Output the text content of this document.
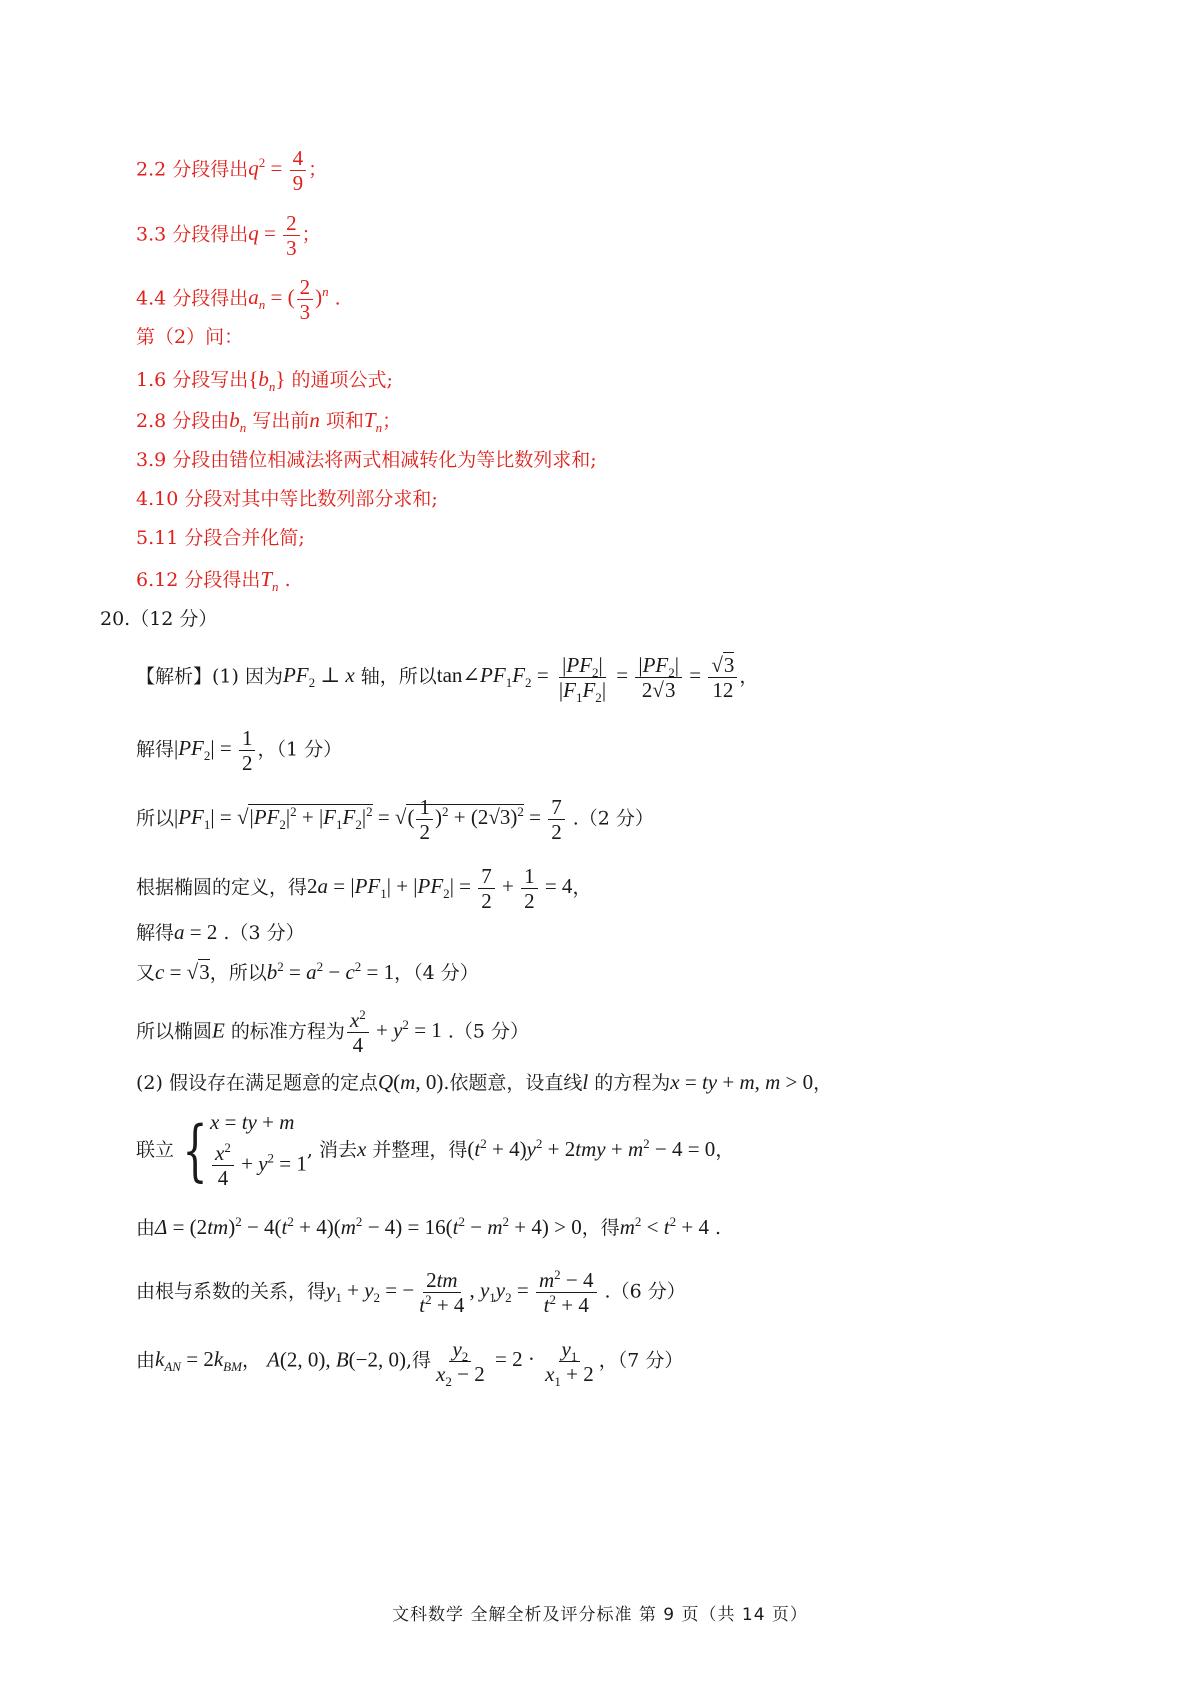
2.2 分段得出$q^2 = \frac{4}{9}$ ；
3.3 分段得出$q = \frac{2}{3}$ ；
4.4 分段得出$a_n$ = ( $\frac{2}{3} )^n$ .
第（2）问：
1.6 分段写出$\{b_n\}$ 的通项公式;
2.8 分段由$b_n$ 写出前n 项和$T_n$；
3.9 分段由错位相减法将两式相减转化为等比数列求和;
4.10 分段对其中等比数列部分求和;
5.11 分段合并化简;
6.12 分段得出$T_n$ .
20.（12 分）
【解析】(1) 因为$PF_2$ ⊥ x 轴，所以$\tan\angle PF_1F_2 = \frac{|PF_2|}{|F_1F_2|} = \frac{|PF_2|}{2√3} = \frac{√3}{12}$ ，
解得$|PF_2| = \frac{1}{2}$ ，（1 分）
所以$|PF_1| = √|PF_2|^2 + |F_1F_2|^2$ = √( $\frac{1}{2} )^2 + (2√3)^2 = \frac{7}{2} .(2$ 分）
根据椭圆的定义，得$2a = |PF_1| + |PF_2| = \frac{7}{2} + \frac{1}{2} = 4$，
解得a = 2 .（3 分）
又c = √3，所以$b^2 = a^2 - c^2 = 1$，（4 分）
所以椭圆E 的标准方程为 $\frac{x^2}{4} + y^2 = 1$ .（5 分）
(2) 假设存在满足题意的定点Q(m, 0).依题意，设直线l 的方程为x = ty + m, m > 0，
联立 { x = ty + m
$\frac{x^2}{4} + y^2 = 1$
, 消去x 并整理，得$(t^2 + 4)y^2 + 2tmy + m^2 - 4 = 0$，
由$\Delta = (2tm)^2 - 4(t^2 + 4)(m^2 - 4) = 16(t^2 - m^2 + 4) > 0$，得$m^2 < t^2 + 4$ .
由根与系数的关系，得$y_1 + y_2$ = − $\frac{2tm}{t^2 + 4}$ , $y_1y_2 = \frac{m^2 - 4}{t^2 + 4} .(6$ 分）
由$k_{AN} = 2k_{BM}$， A(2, 0), B(−2, 0),得 $\frac{y_2}{x_2 - 2} = 2 \cdot \frac{y_1}{x_1 + 2}$ ，（7 分）
文科数学 全解全析及评分标准 第 9 页（共 14 页）
